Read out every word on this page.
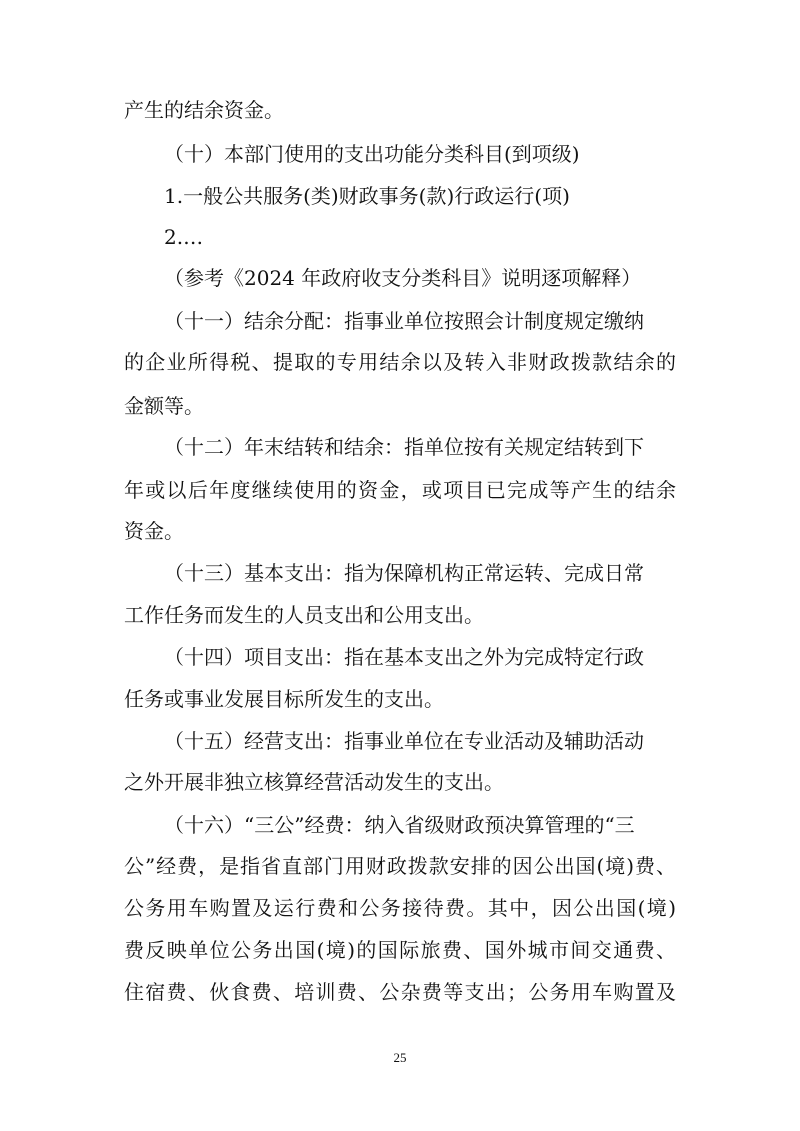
产生的结余资金。
（十）本部门使用的支出功能分类科目(到项级)
1.一般公共服务(类)财政事务(款)行政运行(项)
2.…
（参考《2024 年政府收支分类科目》说明逐项解释）
（十一）结余分配：指事业单位按照会计制度规定缴纳
的企业所得税、提取的专用结余以及转入非财政拨款结余的
金额等。
（十二）年末结转和结余：指单位按有关规定结转到下
年或以后年度继续使用的资金，或项目已完成等产生的结余
资金。
（十三）基本支出：指为保障机构正常运转、完成日常
工作任务而发生的人员支出和公用支出。
（十四）项目支出：指在基本支出之外为完成特定行政
任务或事业发展目标所发生的支出。
（十五）经营支出：指事业单位在专业活动及辅助活动
之外开展非独立核算经营活动发生的支出。
（十六）“三公”经费：纳入省级财政预决算管理的“三
公”经费，是指省直部门用财政拨款安排的因公出国(境)费、
公务用车购置及运行费和公务接待费。其中，因公出国(境)
费反映单位公务出国(境)的国际旅费、国外城市间交通费、
住宿费、伙食费、培训费、公杂费等支出；公务用车购置及
25
